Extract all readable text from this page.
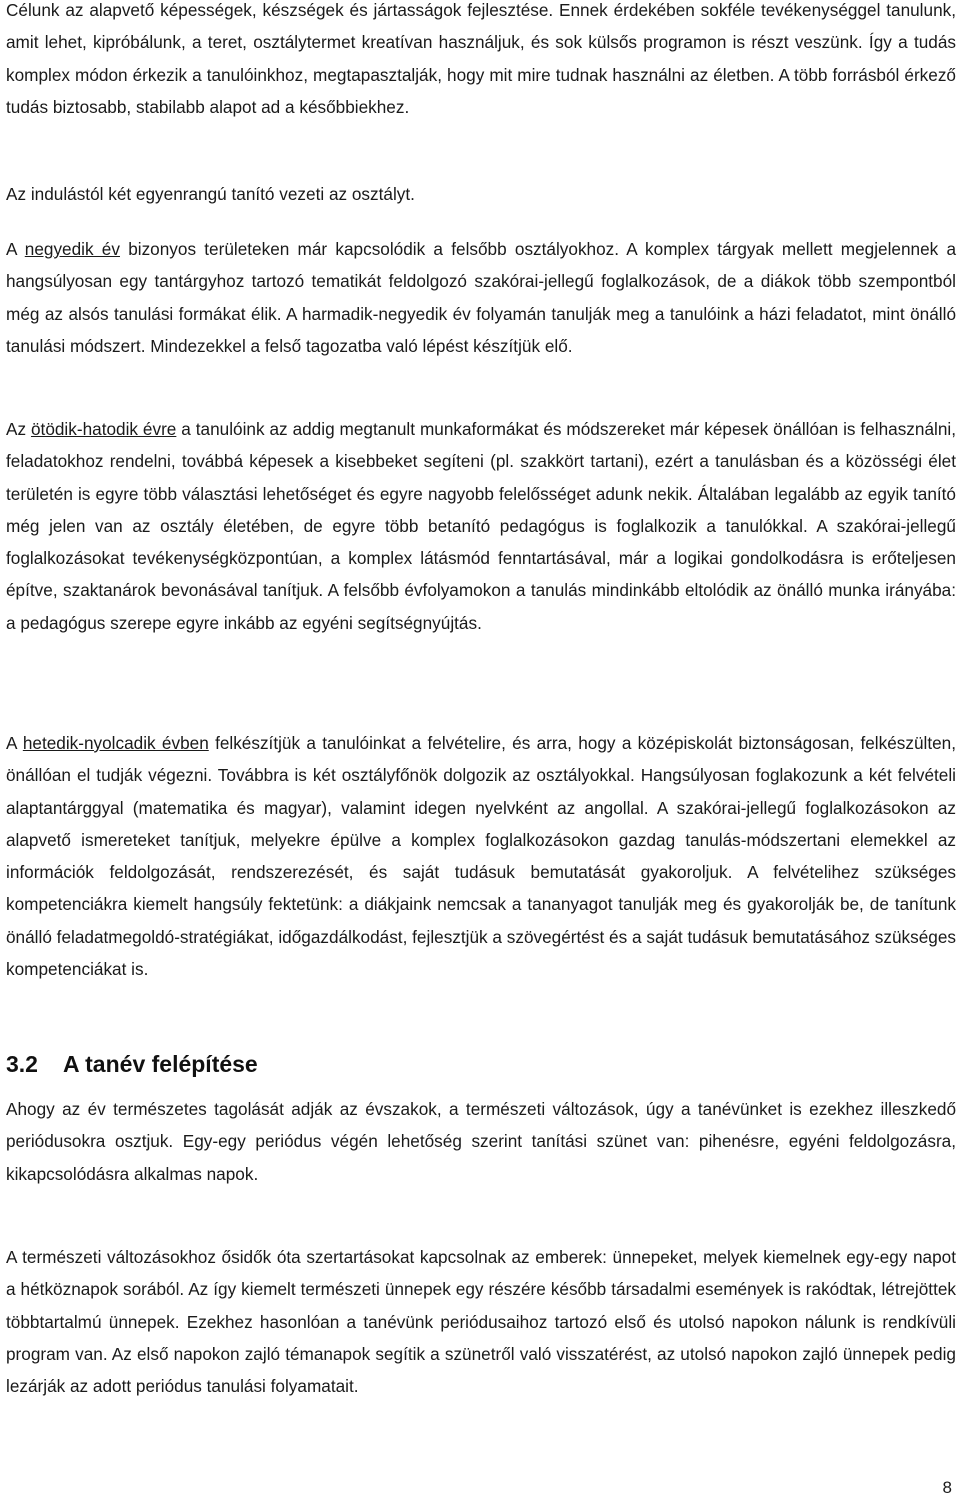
Célunk az alapvető képességek, készségek és jártasságok fejlesztése. Ennek érdekében sokféle tevékenységgel tanulunk, amit lehet, kipróbálunk, a teret, osztálytermet kreatívan használjuk, és sok külsős programon is részt veszünk. Így a tudás komplex módon érkezik a tanulóinkhoz, megtapasztalják, hogy mit mire tudnak használni az életben. A több forrásból érkező tudás biztosabb, stabilabb alapot ad a későbbiekhez.

Az indulástól két egyenrangú tanító vezeti az osztályt.

A negyedik év bizonyos területeken már kapcsolódik a felsőbb osztályokhoz. A komplex tárgyak mellett megjelennek a hangsúlyosan egy tantárgyhoz tartozó tematikát feldolgozó szakórai-jellegű foglalkozások, de a diákok több szempontból még az alsós tanulási formákat élik. A harmadik-negyedik év folyamán tanulják meg a tanulóink a házi feladatot, mint önálló tanulási módszert. Mindezekkel a felső tagozatba való lépést készítjük elő.

Az ötödik-hatodik évre a tanulóink az addig megtanult munkaformákat és módszereket már képesek önállóan is felhasználni, feladatokhoz rendelni, továbbá képesek a kisebbeket segíteni (pl. szakkört tartani), ezért a tanulásban és a közösségi élet területén is egyre több választási lehetőséget és egyre nagyobb felelősséget adunk nekik. Általában legalább az egyik tanító még jelen van az osztály életében, de egyre több betanító pedagógus is foglalkozik a tanulókkal. A szakórai-jellegű foglalkozásokat tevékenységközpontúan, a komplex látásmód fenntartásával, már a logikai gondolkodásra is erőteljesen építve, szaktanárok bevonásával tanítjuk. A felsőbb évfolyamokon a tanulás mindinkább eltolódik az önálló munka irányába: a pedagógus szerepe egyre inkább az egyéni segítségnyújtás.

A hetedik-nyolcadik évben felkészítjük a tanulóinkat a felvételire, és arra, hogy a középiskolát biztonságosan, felkészülten, önállóan el tudják végezni. Továbbra is két osztályfőnök dolgozik az osztályokkal. Hangsúlyosan foglakozunk a két felvételi alaptantárggyal (matematika és magyar), valamint idegen nyelvként az angollal. A szakórai-jellegű foglalkozásokon az alapvető ismereteket tanítjuk, melyekre épülve a komplex foglalkozásokon gazdag tanulás-módszertani elemekkel az információk feldolgozását, rendszerezését, és saját tudásuk bemutatását gyakoroljuk. A felvételihez szükséges kompetenciákra kiemelt hangsúly fektetünk: a diákjaink nemcsak a tananyagot tanulják meg és gyakorolják be, de tanítunk önálló feladatmegoldó-stratégiákat, időgazdálkodást, fejlesztjük a szövegértést és a saját tudásuk bemutatásához szükséges kompetenciákat is.

3.2 A tanév felépítése

Ahogy az év természetes tagolását adják az évszakok, a természeti változások, úgy a tanévünket is ezekhez illeszkedő periódusokra osztjuk. Egy-egy periódus végén lehetőség szerint tanítási szünet van: pihenésre, egyéni feldolgozásra, kikapcsolódásra alkalmas napok.

A természeti változásokhoz ősidők óta szertartásokat kapcsolnak az emberek: ünnepeket, melyek kiemelnek egy-egy napot a hétköznapok sorából. Az így kiemelt természeti ünnepek egy részére később társadalmi események is rakódtak, létrejöttek többtartalmú ünnepek. Ezekhez hasonlóan a tanévünk periódusaihoz tartozó első és utolsó napokon nálunk is rendkívüli program van. Az első napokon zajló témanapok segítik a szünetről való visszatérést, az utolsó napokon zajló ünnepek pedig lezárják az adott periódus tanulási folyamatait.

8
